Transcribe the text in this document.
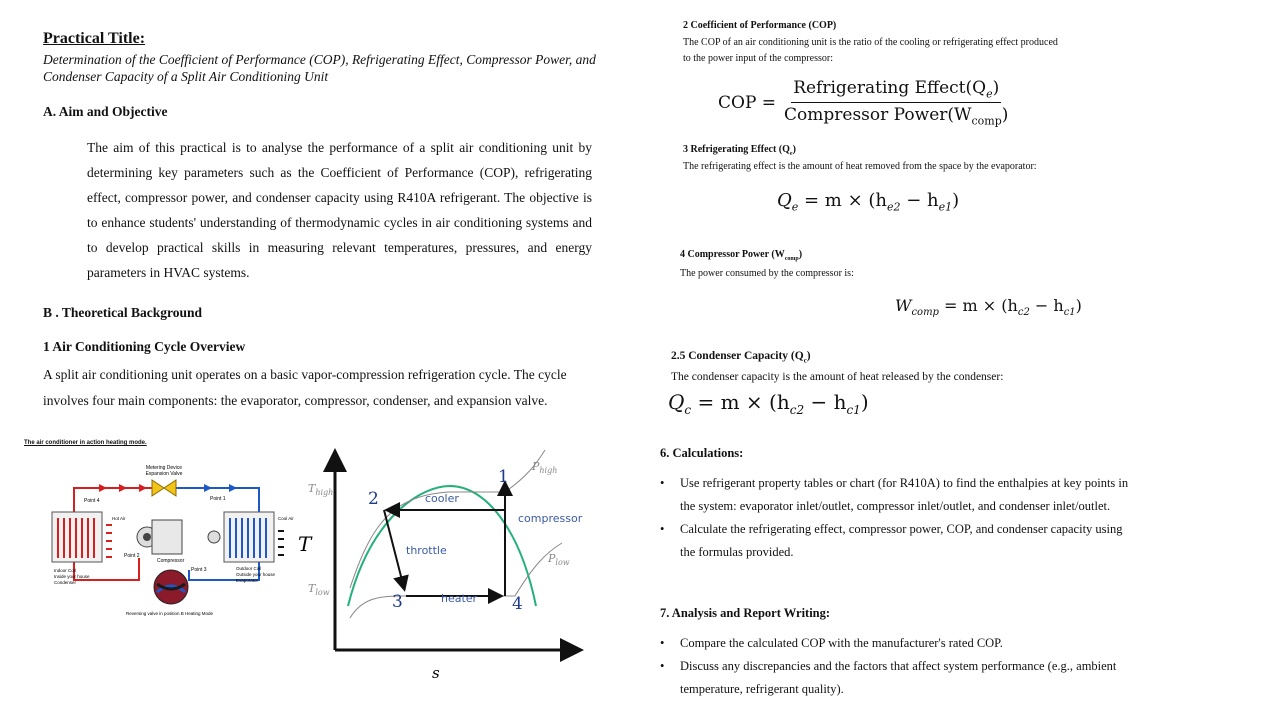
Practical Title:
Determination of the Coefficient of Performance (COP), Refrigerating Effect, Compressor Power, and Condenser Capacity of a Split Air Conditioning Unit
A. Aim and Objective
The aim of this practical is to analyse the performance of a split air conditioning unit by determining key parameters such as the Coefficient of Performance (COP), refrigerating effect, compressor power, and condenser capacity using R410A refrigerant. The objective is to enhance students' understanding of thermodynamic cycles in air conditioning systems and to develop practical skills in measuring relevant temperatures, pressures, and energy parameters in HVAC systems.
B . Theoretical Background
1 Air Conditioning Cycle Overview
A split air conditioning unit operates on a basic vapor-compression refrigeration cycle. The cycle involves four main components: the evaporator, compressor, condenser, and expansion valve.
The air conditioner in action heating mode.
Metering Device
Expansion Valve
Point 4	Point 1
Hot Air	Cool Air
Compressor
Point 2
Point 3
Indoor Coil
Inside your house
Condenser
Outdoor Coil
Outside your house
Evaporator
Reversing valve in position B Heating Mode
T
s
2
1
3	4
cooler
throttle
heater
compressor
$T_{high}$
$T_{low}$
$P_{high}$
$P_{low}$
2 Coefficient of Performance (COP)
The COP of an air conditioning unit is the ratio of the cooling or refrigerating effect produced
to the power input of the compressor:
COP = $\frac{Refrigerating Effect(Q_e)}{Compressor Power(W_{comp})}$
3 Refrigerating Effect $(Q_e)$
The refrigerating effect is the amount of heat removed from the space by the evaporator:
$Q_e = m \times (h_{e2} - h_{e1})$
4 Compressor Power $(W_{comp})$
The power consumed by the compressor is:
$W_{comp} = m \times (h_{c2} - h_{c1})$
2.5 Condenser Capacity $(Q_c)$
The condenser capacity is the amount of heat released by the condenser:
$Q_c = m \times (h_{c2} - h_{c1})$
6. Calculations:
• Use refrigerant property tables or chart (for R410A) to find the enthalpies at key points in the system: evaporator inlet/outlet, compressor inlet/outlet, and condenser inlet/outlet.
• Calculate the refrigerating effect, compressor power, COP, and condenser capacity using the formulas provided.
7. Analysis and Report Writing:
• Compare the calculated COP with the manufacturer's rated COP.
• Discuss any discrepancies and the factors that affect system performance (e.g., ambient temperature, refrigerant quality).
